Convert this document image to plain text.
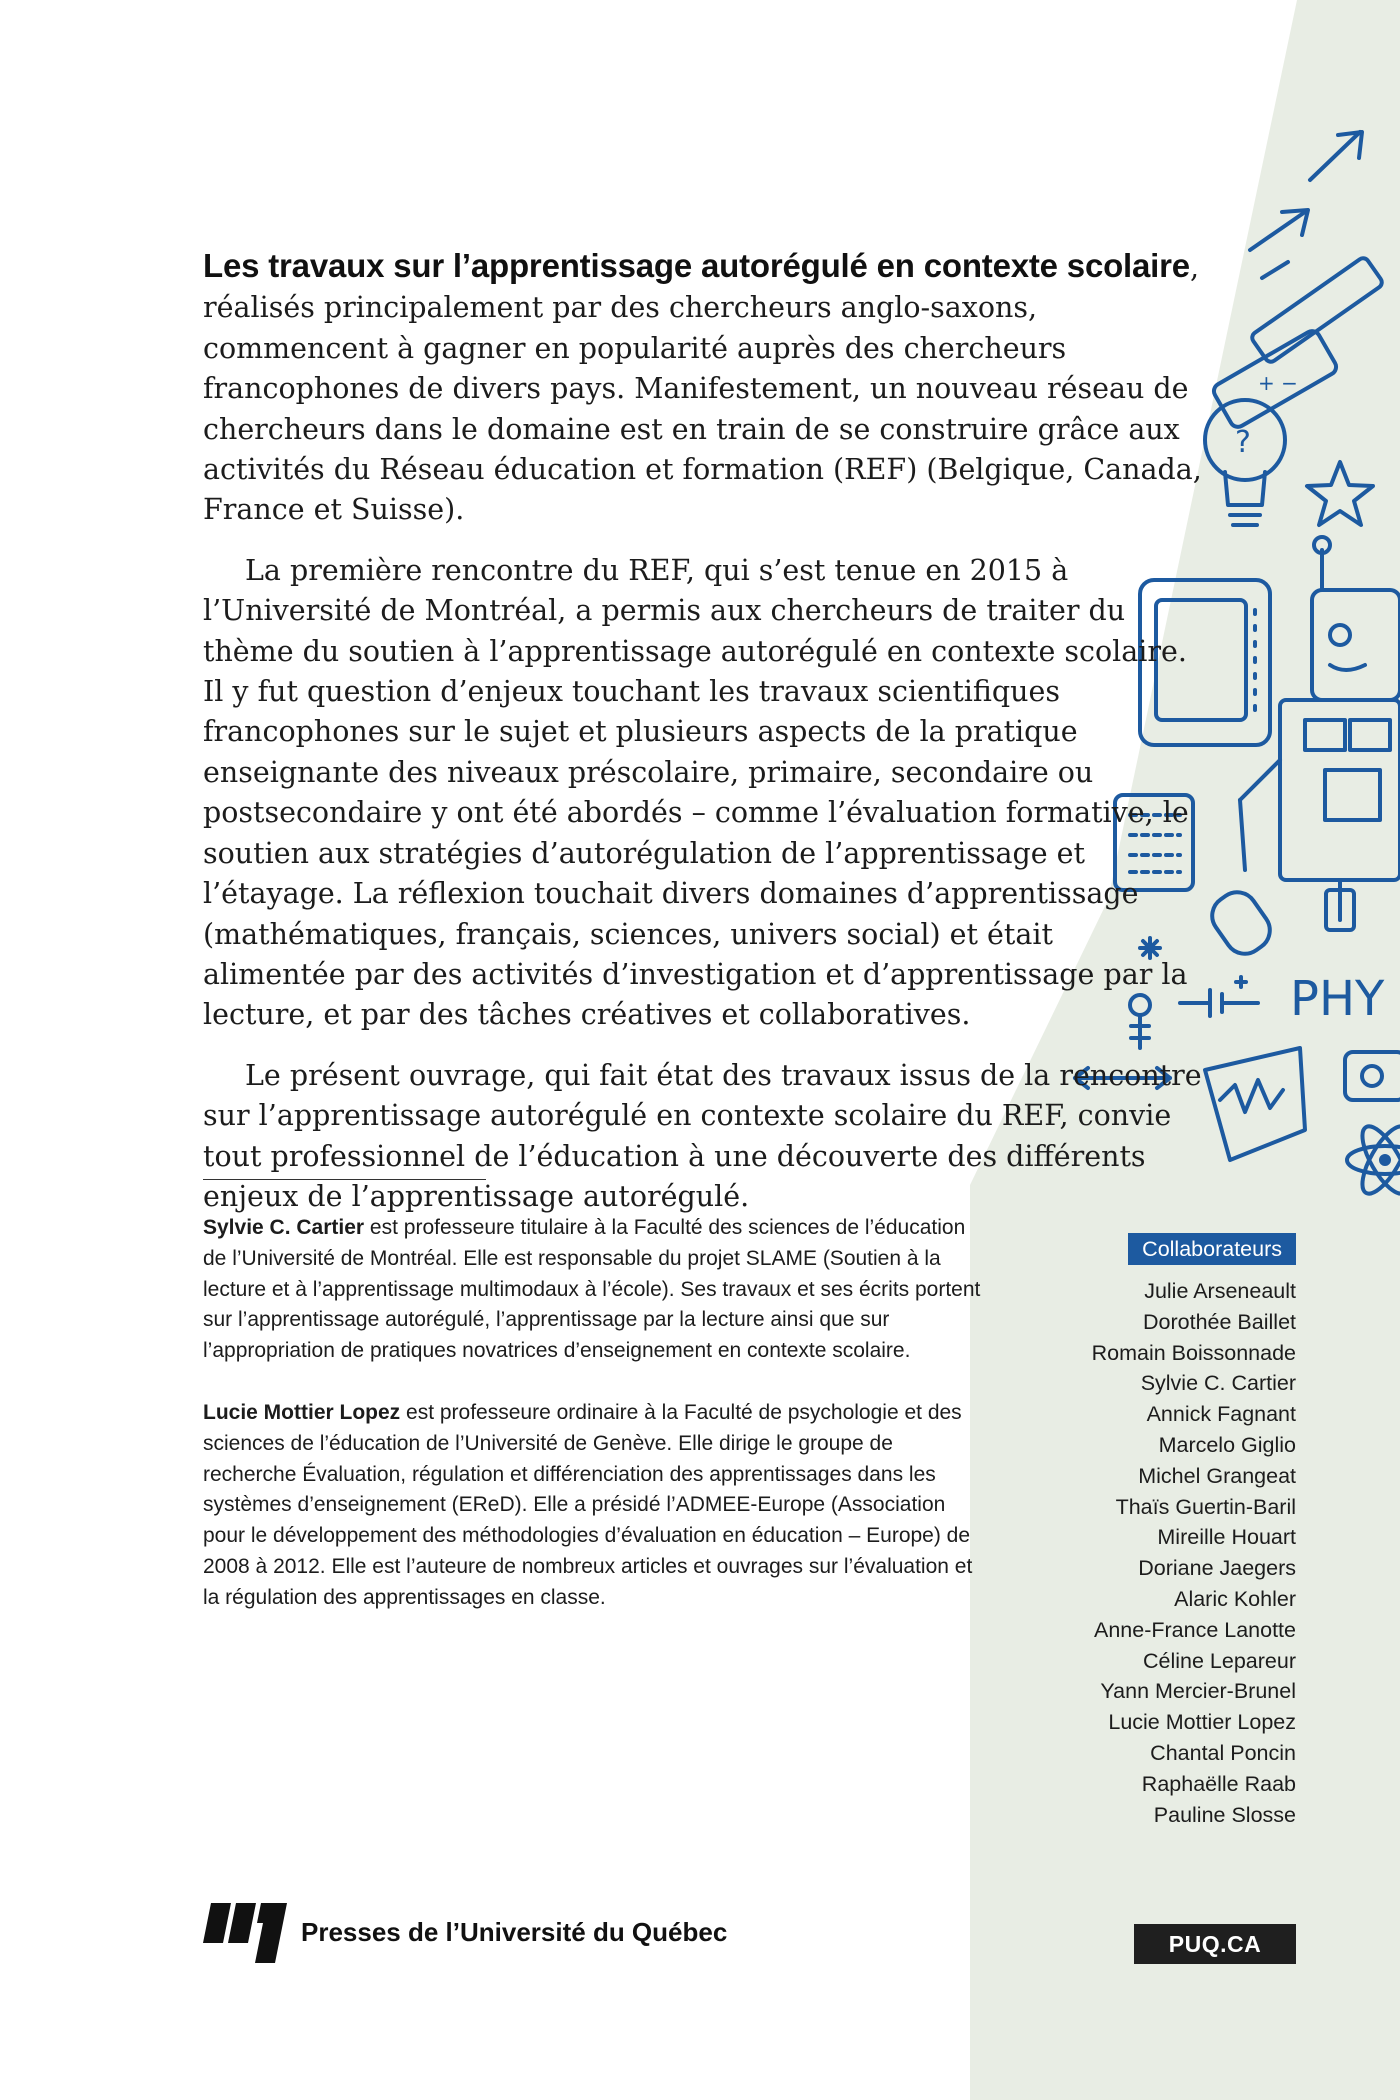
+ −
?
PHY

Les travaux sur l’apprentissage autorégulé en contexte scolaire, réalisés principalement par des chercheurs anglo-saxons, commencent à gagner en popularité auprès des chercheurs francophones de divers pays. Manifestement, un nouveau réseau de chercheurs dans le domaine est en train de se construire grâce aux activités du Réseau éducation et formation (REF) (Belgique, Canada, France et Suisse).

La première rencontre du REF, qui s’est tenue en 2015 à l’Université de Montréal, a permis aux chercheurs de traiter du thème du soutien à l’apprentissage autorégulé en contexte scolaire. Il y fut question d’enjeux touchant les travaux scientifiques francophones sur le sujet et plusieurs aspects de la pratique enseignante des niveaux préscolaire, primaire, secondaire ou postsecondaire y ont été abordés – comme l’évaluation formative, le soutien aux stratégies d’autorégulation de l’apprentissage et l’étayage. La réflexion touchait divers domaines d’apprentissage (mathématiques, français, sciences, univers social) et était alimentée par des activités d’investigation et d’apprentissage par la lecture, et par des tâches créatives et collaboratives.

Le présent ouvrage, qui fait état des travaux issus de la rencontre sur l’apprentissage autorégulé en contexte scolaire du REF, convie tout professionnel de l’éducation à une découverte des différents enjeux de l’apprentissage autorégulé.

Sylvie C. Cartier est professeure titulaire à la Faculté des sciences de l’éducation de l’Université de Montréal. Elle est responsable du projet SLAME (Soutien à la lecture et à l’apprentissage multimodaux à l’école). Ses travaux et ses écrits portent sur l’apprentissage autorégulé, l’apprentissage par la lecture ainsi que sur l’appropriation de pratiques novatrices d’enseignement en contexte scolaire.

Lucie Mottier Lopez est professeure ordinaire à la Faculté de psychologie et des sciences de l’éducation de l’Université de Genève. Elle dirige le groupe de recherche Évaluation, régulation et différenciation des apprentissages dans les systèmes d’enseignement (EReD). Elle a présidé l’ADMEE-Europe (Association pour le développement des méthodologies d’évaluation en éducation – Europe) de 2008 à 2012. Elle est l’auteure de nombreux articles et ouvrages sur l’évaluation et la régulation des apprentissages en classe.

Collaborateurs
Julie Arseneault
Dorothée Baillet
Romain Boissonnade
Sylvie C. Cartier
Annick Fagnant
Marcelo Giglio
Michel Grangeat
Thaïs Guertin-Baril
Mireille Houart
Doriane Jaegers
Alaric Kohler
Anne-France Lanotte
Céline Lepareur
Yann Mercier-Brunel
Lucie Mottier Lopez
Chantal Poncin
Raphaëlle Raab
Pauline Slosse
Presses de l’Université du Québec	PUQ.CA
